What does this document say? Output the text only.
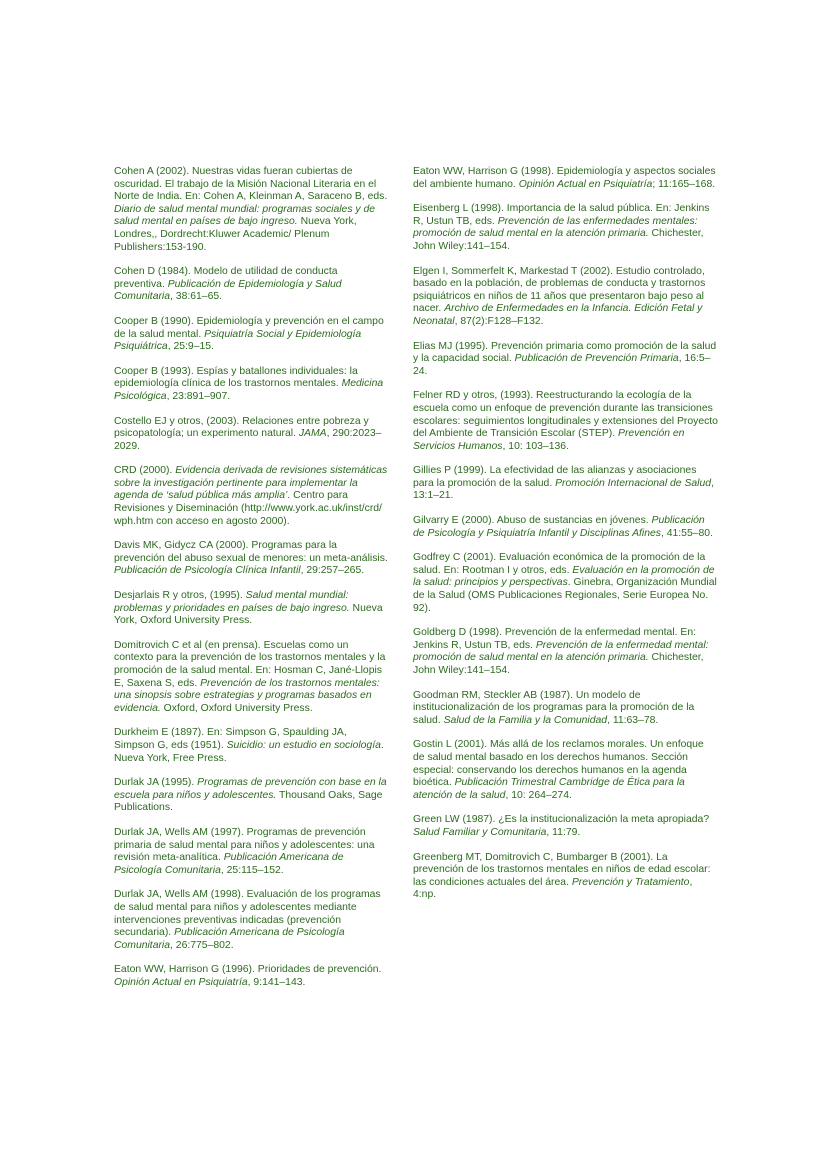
Cohen A (2002). Nuestras vidas fueran cubiertas de oscuridad. El trabajo de la Misión Nacional Literaria en el Norte de India. En: Cohen A, Kleinman A, Saraceno B, eds. Diario de salud mental mundial: programas sociales y de salud mental en países de bajo ingreso. Nueva York, Londres,, Dordrecht:Kluwer Academic/ Plenum Publishers:153-190.

Cohen D (1984). Modelo de utilidad de conducta preventiva. Publicación de Epidemiología y Salud Comunitaria, 38:61–65.

Cooper B (1990). Epidemiología y prevención en el campo de la salud mental. Psiquiatría Social y Epidemiología Psiquiátrica, 25:9–15.

Cooper B (1993). Espías y batallones individuales: la epidemiología clínica de los trastornos mentales. Medicina Psicológica, 23:891–907.

Costello EJ y otros, (2003). Relaciones entre pobreza y psicopatología; un experimento natural. JAMA, 290:2023–2029.

CRD (2000). Evidencia derivada de revisiones sistemáticas sobre la investigación pertinente para implementar la agenda de ‘salud pública más amplia’. Centro para Revisiones y Diseminación (http://www.york.ac.uk/inst/crd/ wph.htm con acceso en agosto 2000).

Davis MK, Gidycz CA (2000). Programas para la prevención del abuso sexual de menores: un meta-análisis. Publicación de Psicología Clínica Infantil, 29:257–265.

Desjarlais R y otros, (1995). Salud mental mundial: problemas y prioridades en países de bajo ingreso. Nueva York, Oxford University Press.

Domitrovich C et al (en prensa). Escuelas como un contexto para la prevención de los trastornos mentales y la promoción de la salud mental. En: Hosman C, Jané-Llopis E, Saxena S, eds. Prevención de los trastornos mentales: una sinopsis sobre estrategias y programas basados en evidencia. Oxford, Oxford University Press.

Durkheim E (1897). En: Simpson G, Spaulding JA, Simpson G, eds (1951). Suicidio: un estudio en sociología. Nueva York, Free Press.

Durlak JA (1995). Programas de prevención con base en la escuela para niños y adolescentes. Thousand Oaks, Sage Publications.

Durlak JA, Wells AM (1997). Programas de prevención primaria de salud mental para niños y adolescentes: una revisión meta-analítica. Publicación Americana de Psicología Comunitaria, 25:115–152.

Durlak JA, Wells AM (1998). Evaluación de los programas de salud mental para niños y adolescentes mediante intervenciones preventivas indicadas (prevención secundaria). Publicación Americana de Psicología Comunitaria, 26:775–802.

Eaton WW, Harrison G (1996). Prioridades de prevención. Opinión Actual en Psiquiatría, 9:141–143.

Eaton WW, Harrison G (1998). Epidemiología y aspectos sociales del ambiente humano. Opinión Actual en Psiquiatría; 11:165–168.

Eisenberg L (1998). Importancia de la salud pública. En: Jenkins R, Ustun TB, eds. Prevención de las enfermedades mentales: promoción de salud mental en la atención primaria. Chichester, John Wiley:141–154.

Elgen I, Sommerfelt K, Markestad T (2002). Estudio controlado, basado en la población, de problemas de conducta y trastornos psiquiátricos en niños de 11 años que presentaron bajo peso al nacer. Archivo de Enfermedades en la Infancia. Edición Fetal y Neonatal, 87(2):F128–F132.

Elias MJ (1995). Prevención primaria como promoción de la salud y la capacidad social. Publicación de Prevención Primaria, 16:5–24.

Felner RD y otros, (1993). Reestructurando la ecología de la escuela como un enfoque de prevención durante las transiciones escolares: seguimientos longitudinales y extensiones del Proyecto del Ambiente de Transición Escolar (STEP). Prevención en Servicios Humanos, 10: 103–136.

Gillies P (1999). La efectividad de las alianzas y asociaciones para la promoción de la salud. Promoción Internacional de Salud, 13:1–21.

Gilvarry E (2000). Abuso de sustancias en jóvenes. Publicación de Psicología y Psiquiatría Infantil y Disciplinas Afines, 41:55–80.

Godfrey C (2001). Evaluación económica de la promoción de la salud. En: Rootman I y otros, eds. Evaluación en la promoción de la salud: principios y perspectivas. Ginebra, Organización Mundial de la Salud (OMS Publicaciones Regionales, Serie Europea No. 92).

Goldberg D (1998). Prevención de la enfermedad mental. En: Jenkins R, Ustun TB, eds. Prevención de la enfermedad mental: promoción de salud mental en la atención primaria. Chichester, John Wiley:141–154.

Goodman RM, Steckler AB (1987). Un modelo de institucionalización de los programas para la promoción de la salud. Salud de la Familia y la Comunidad, 11:63–78.

Gostin L (2001). Más allá de los reclamos morales. Un enfoque de salud mental basado en los derechos humanos. Sección especial: conservando los derechos humanos en la agenda bioética. Publicación Trimestral Cambridge de Ética para la atención de la salud, 10: 264–274.

Green LW (1987). ¿Es la institucionalización la meta apropiada? Salud Familiar y Comunitaria, 11:79.

Greenberg MT, Domitrovich C, Bumbarger B (2001). La prevención de los trastornos mentales en niños de edad escolar: las condiciones actuales del área. Prevención y Tratamiento, 4:np.
